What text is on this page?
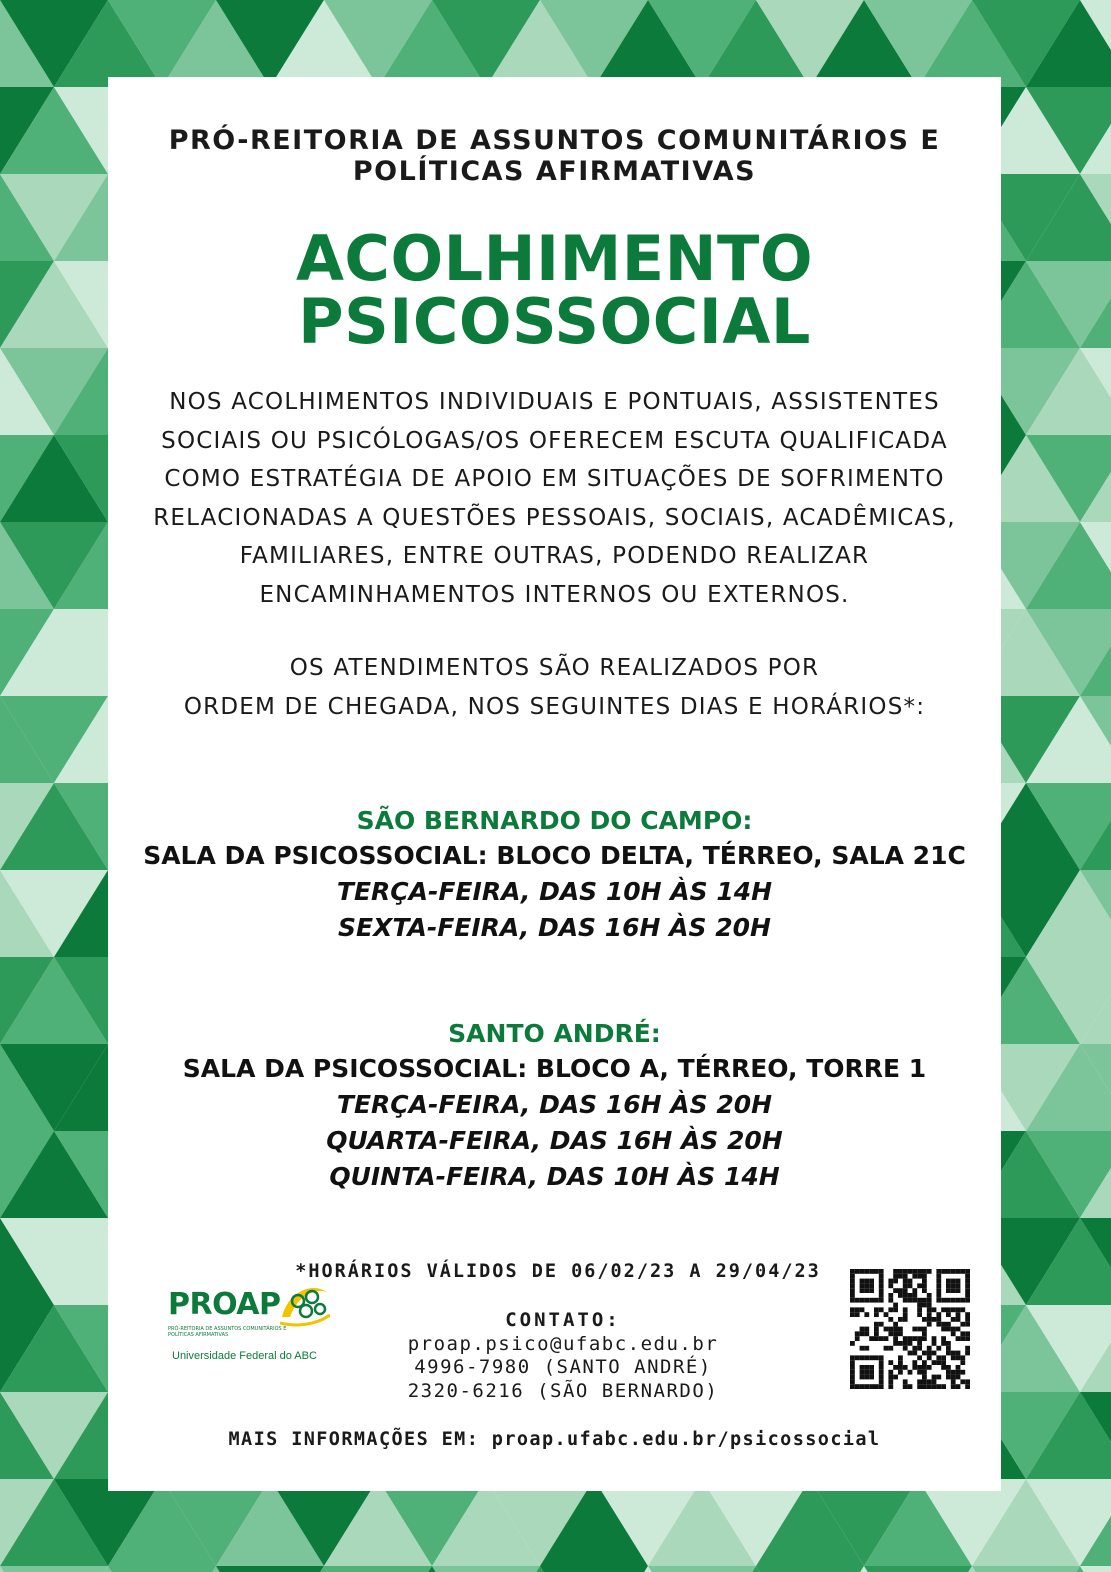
PRÓ-REITORIA DE ASSUNTOS COMUNITÁRIOS E
POLÍTICAS AFIRMATIVAS
ACOLHIMENTO
PSICOSSOCIAL
NOS ACOLHIMENTOS INDIVIDUAIS E PONTUAIS, ASSISTENTES
SOCIAIS OU PSICÓLOGAS/OS OFERECEM ESCUTA QUALIFICADA
COMO ESTRATÉGIA DE APOIO EM SITUAÇÕES DE SOFRIMENTO
RELACIONADAS A QUESTÕES PESSOAIS, SOCIAIS, ACADÊMICAS,
FAMILIARES, ENTRE OUTRAS, PODENDO REALIZAR
ENCAMINHAMENTOS INTERNOS OU EXTERNOS.
OS ATENDIMENTOS SÃO REALIZADOS POR
ORDEM DE CHEGADA, NOS SEGUINTES DIAS E HORÁRIOS*:
SÃO BERNARDO DO CAMPO:
SALA DA PSICOSSOCIAL: BLOCO DELTA, TÉRREO, SALA 21C
TERÇA-FEIRA, DAS 10H ÀS 14H
SEXTA-FEIRA, DAS 16H ÀS 20H
SANTO ANDRÉ:
SALA DA PSICOSSOCIAL: BLOCO A, TÉRREO, TORRE 1
TERÇA-FEIRA, DAS 16H ÀS 20H
QUARTA-FEIRA, DAS 16H ÀS 20H
QUINTA-FEIRA, DAS 10H ÀS 14H
*HORÁRIOS VÁLIDOS DE 06/02/23 A 29/04/23
PROAP
PRÓ-REITORIA DE ASSUNTOS COMUNITÁRIOS E POLÍTICAS AFIRMATIVAS
Universidade Federal do ABC
CONTATO:
proap.psico@ufabc.edu.br
4996-7980 (SANTO ANDRÉ)
2320-6216 (SÃO BERNARDO)
MAIS INFORMAÇÕES EM: proap.ufabc.edu.br/psicossocial
